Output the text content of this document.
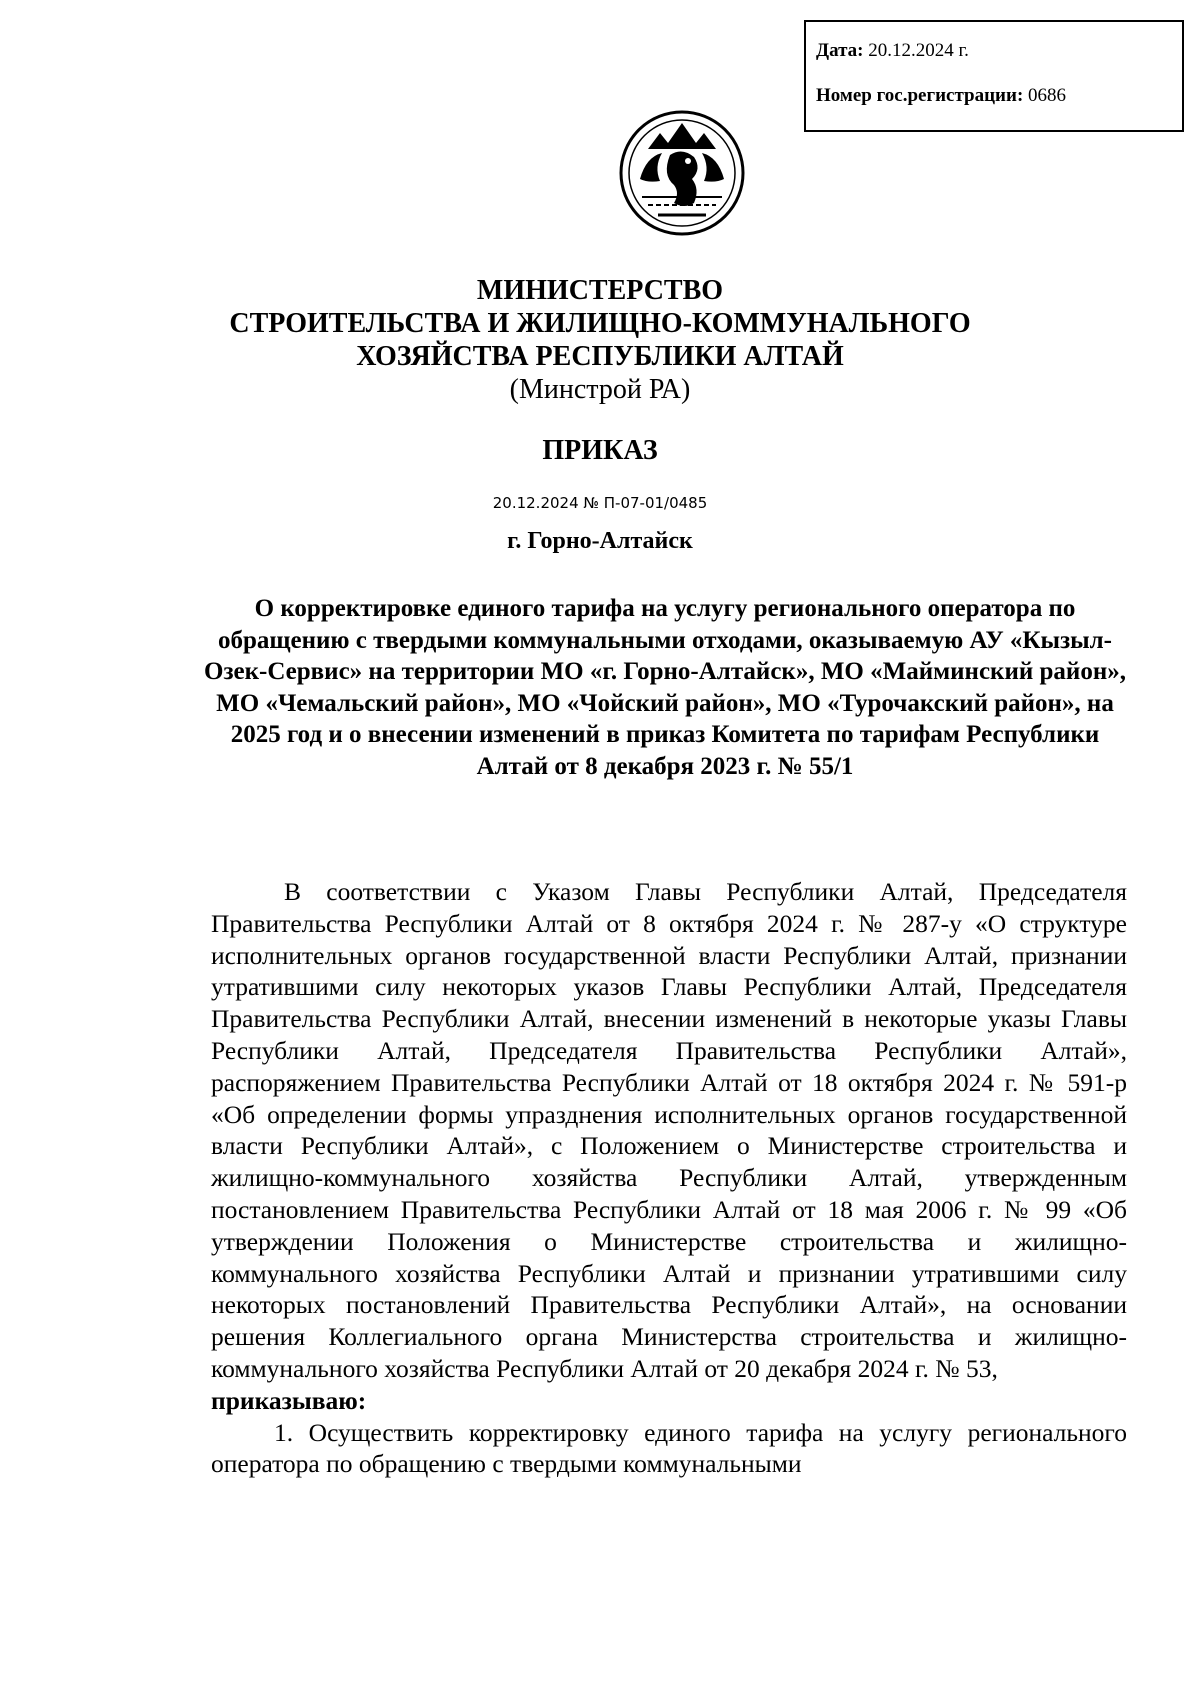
Дата: 20.12.2024 г.
Номер гос.регистрации: 0686
МИНИСТЕРСТВО
СТРОИТЕЛЬСТВА И ЖИЛИЩНО-КОММУНАЛЬНОГО
ХОЗЯЙСТВА РЕСПУБЛИКИ АЛТАЙ
(Минстрой РА)
ПРИКАЗ
20.12.2024 № П-07-01/0485
г. Горно-Алтайск
О корректировке единого тарифа на услугу регионального оператора по обращению с твердыми коммунальными отходами, оказываемую АУ «Кызыл-Озек-Сервис» на территории МО «г. Горно-Алтайск», МО «Майминский район», МО «Чемальский район», МО «Чойский район», МО «Турочакский район», на 2025 год и о внесении изменений в приказ Комитета по тарифам Республики Алтай от 8 декабря 2023 г. № 55/1

В соответствии с Указом Главы Республики Алтай, Председателя Правительства Республики Алтай от 8 октября 2024 г. № 287-у «О структуре исполнительных органов государственной власти Республики Алтай, признании утратившими силу некоторых указов Главы Республики Алтай, Председателя Правительства Республики Алтай, внесении изменений в некоторые указы Главы Республики Алтай, Председателя Правительства Республики Алтай», распоряжением Правительства Республики Алтай от 18 октября 2024 г. № 591-р «Об определении формы упразднения исполнительных органов государственной власти Республики Алтай», с Положением о Министерстве строительства и жилищно-коммунального хозяйства Республики Алтай, утвержденным постановлением Правительства Республики Алтай от 18 мая 2006 г. № 99 «Об утверждении Положения о Министерстве строительства и жилищно-коммунального хозяйства Республики Алтай и признании утратившими силу некоторых постановлений Правительства Республики Алтай», на основании решения Коллегиального органа Министерства строительства и жилищно-коммунального хозяйства Республики Алтай от 20 декабря 2024 г. № 53,
приказываю:

1. Осуществить корректировку единого тарифа на услугу регионального оператора по обращению с твердыми коммунальными
